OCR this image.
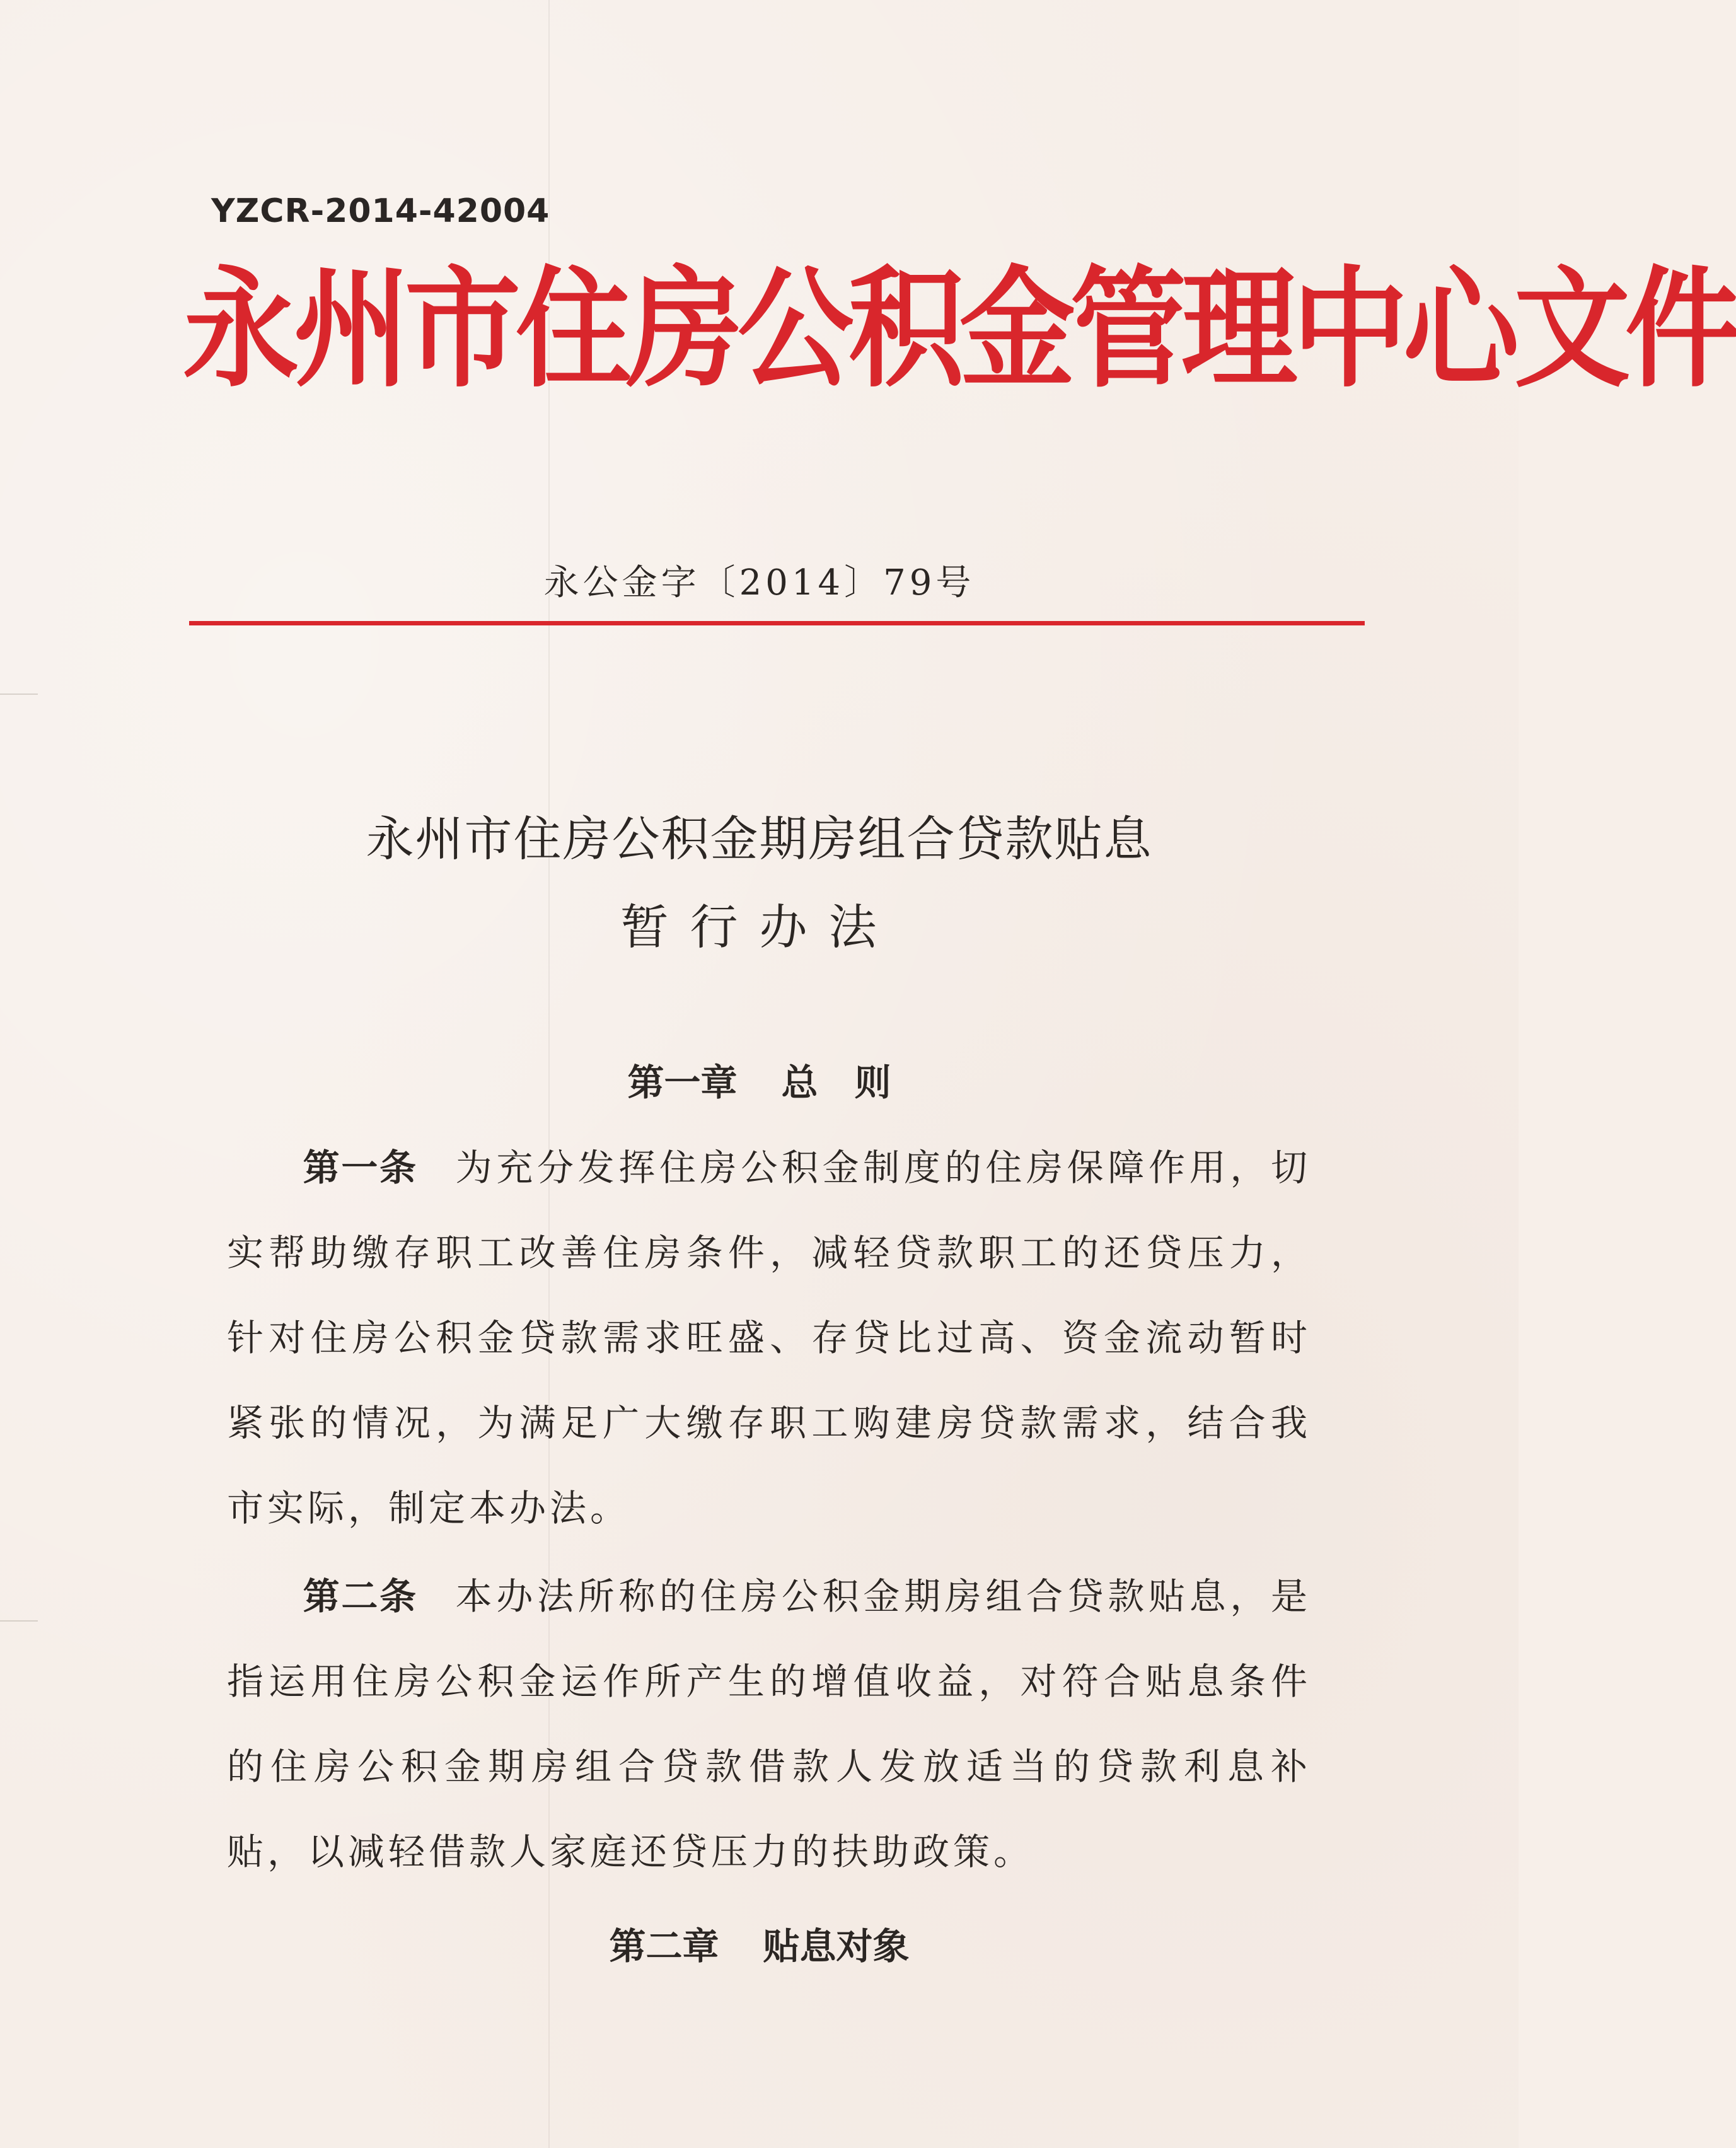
YZCR-2014-42004
永州市住房公积金管理中心文件
永公金字〔2014〕79号
永州市住房公积金期房组合贷款贴息
暂行办法
第一章 总　则
第一条 为充分发挥住房公积金制度的住房保障作用，切实帮助缴存职工改善住房条件，减轻贷款职工的还贷压力，针对住房公积金贷款需求旺盛、存贷比过高、资金流动暂时紧张的情况，为满足广大缴存职工购建房贷款需求，结合我市实际，制定本办法。
第二条 本办法所称的住房公积金期房组合贷款贴息，是指运用住房公积金运作所产生的增值收益，对符合贴息条件的住房公积金期房组合贷款借款人发放适当的贷款利息补贴，以减轻借款人家庭还贷压力的扶助政策。
第二章 贴息对象
